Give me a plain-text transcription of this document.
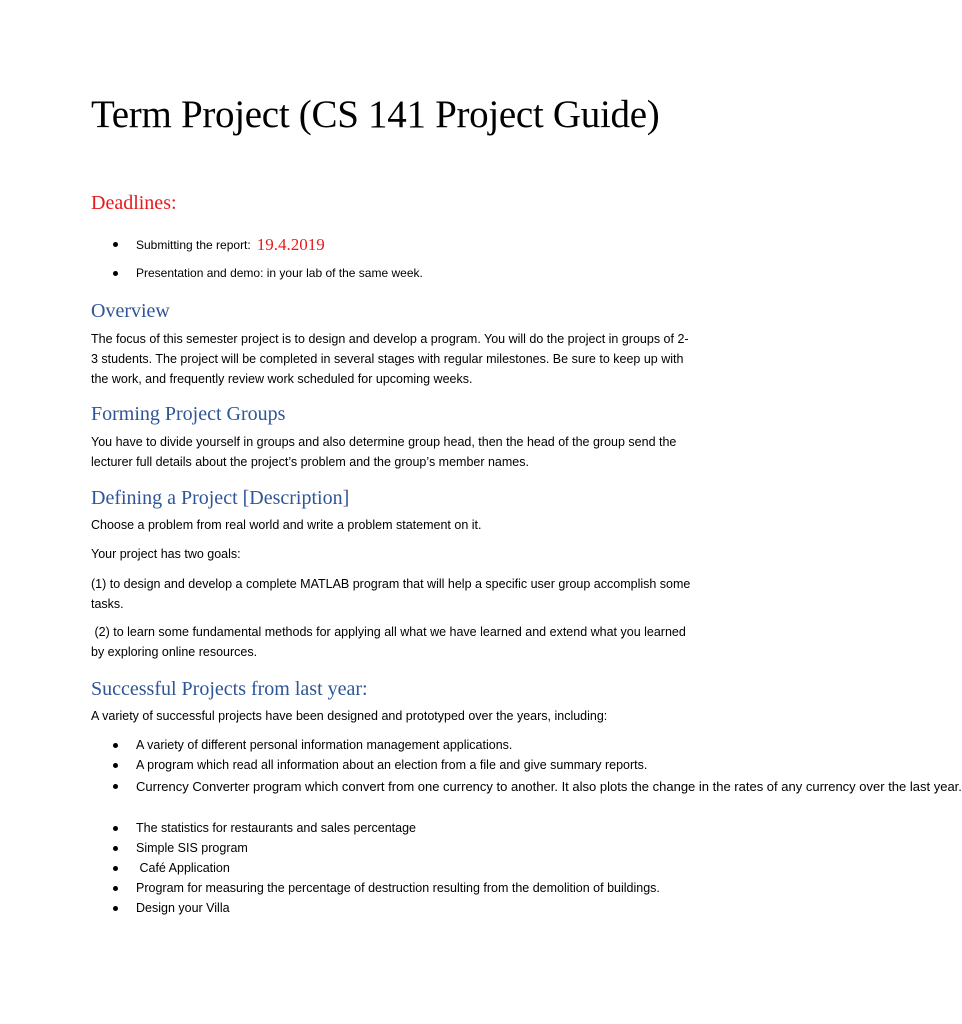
Term Project (CS 141 Project Guide)
Deadlines:
Submitting the report: 19.4.2019
Presentation and demo: in your lab of the same week.
Overview
The focus of this semester project is to design and develop a program. You will do the project in groups of 2-3 students. The project will be completed in several stages with regular milestones. Be sure to keep up with the work, and frequently review work scheduled for upcoming weeks.
Forming Project Groups
You have to divide yourself in groups and also determine group head, then the head of the group send the lecturer full details about the project’s problem and the group’s member names.
Defining a Project [Description]
Choose a problem from real world and write a problem statement on it.
Your project has two goals:
(1) to design and develop a complete MATLAB program that will help a specific user group accomplish some tasks.
(2) to learn some fundamental methods for applying all what we have learned and extend what you learned by exploring online resources.
Successful Projects from last year:
A variety of successful projects have been designed and prototyped over the years, including:
A variety of different personal information management applications.
A program which read all information about an election from a file and give summary reports.
Currency Converter program which convert from one currency to another. It also plots the change in the rates of any currency over the last year.
The statistics for restaurants and sales percentage
Simple SIS program
Café Application
Program for measuring the percentage of destruction resulting from the demolition of buildings.
Design your Villa
